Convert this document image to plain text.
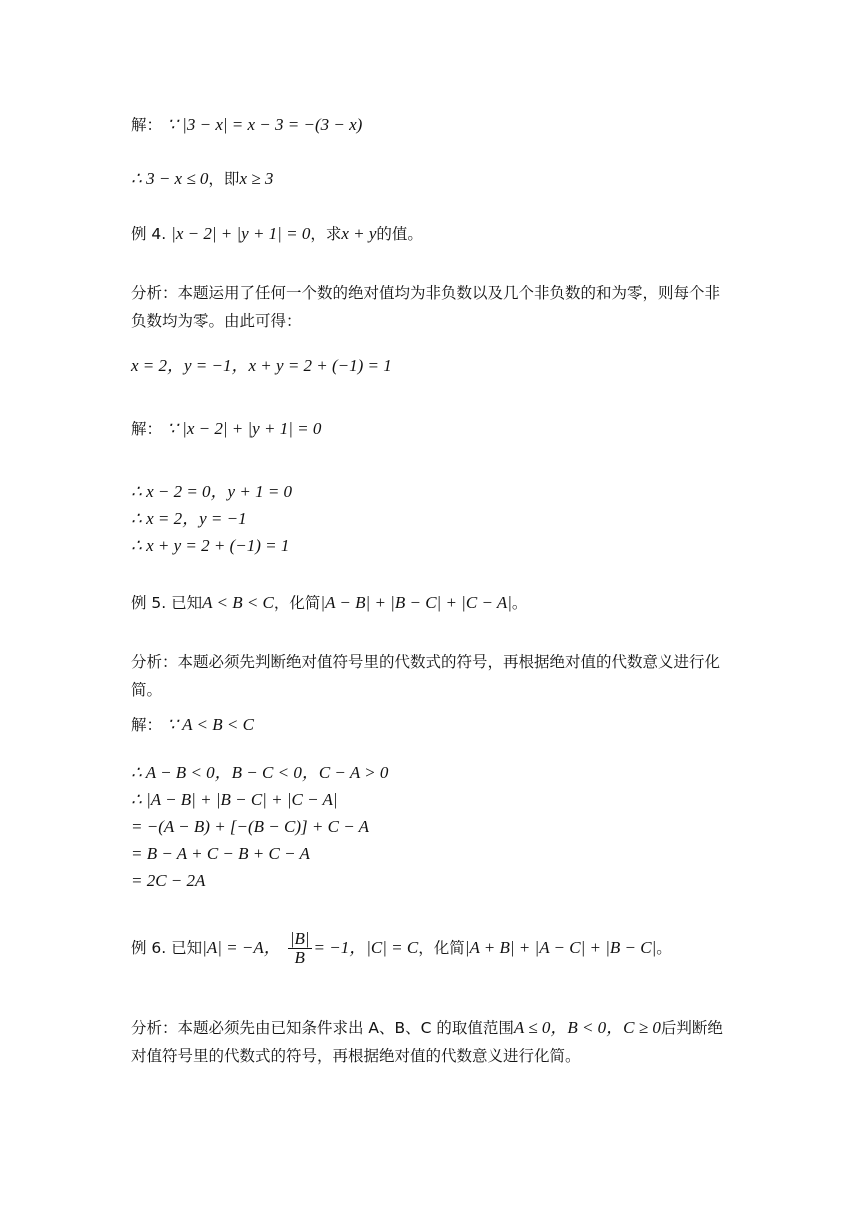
解： ∵ |3 − x| = x − 3 = −(3 − x)
∴ 3 − x ≤ 0，即x ≥ 3
例 4. |x − 2| + |y + 1| = 0，求x + y的值。
分析：本题运用了任何一个数的绝对值均为非负数以及几个非负数的和为零，则每个非负数均为零。由此可得：
x = 2，y = −1，x + y = 2 + (−1) = 1
解： ∵ |x − 2| + |y + 1| = 0
∴ x − 2 = 0，y + 1 = 0
∴ x = 2，y = −1
∴ x + y = 2 + (−1) = 1
例 5. 已知A < B < C，化简|A − B| + |B − C| + |C − A|。
分析：本题必须先判断绝对值符号里的代数式的符号，再根据绝对值的代数意义进行化简。
解： ∵ A < B < C
∴ A − B < 0，B − C < 0，C − A > 0
∴ |A − B| + |B − C| + |C − A|
= −(A − B) + [−(B − C)] + C − A
= B − A + C − B + C − A
= 2C − 2A
例 6. 已知|A| = −A， $\frac{|B|}{B} = -1$，|C| = C，化简|A + B| + |A − C| + |B − C|。
分析：本题必须先由已知条件求出 A、B、C 的取值范围A ≤ 0，B < 0，C ≥ 0后判断绝对值符号里的代数式的符号，再根据绝对值的代数意义进行化简。
